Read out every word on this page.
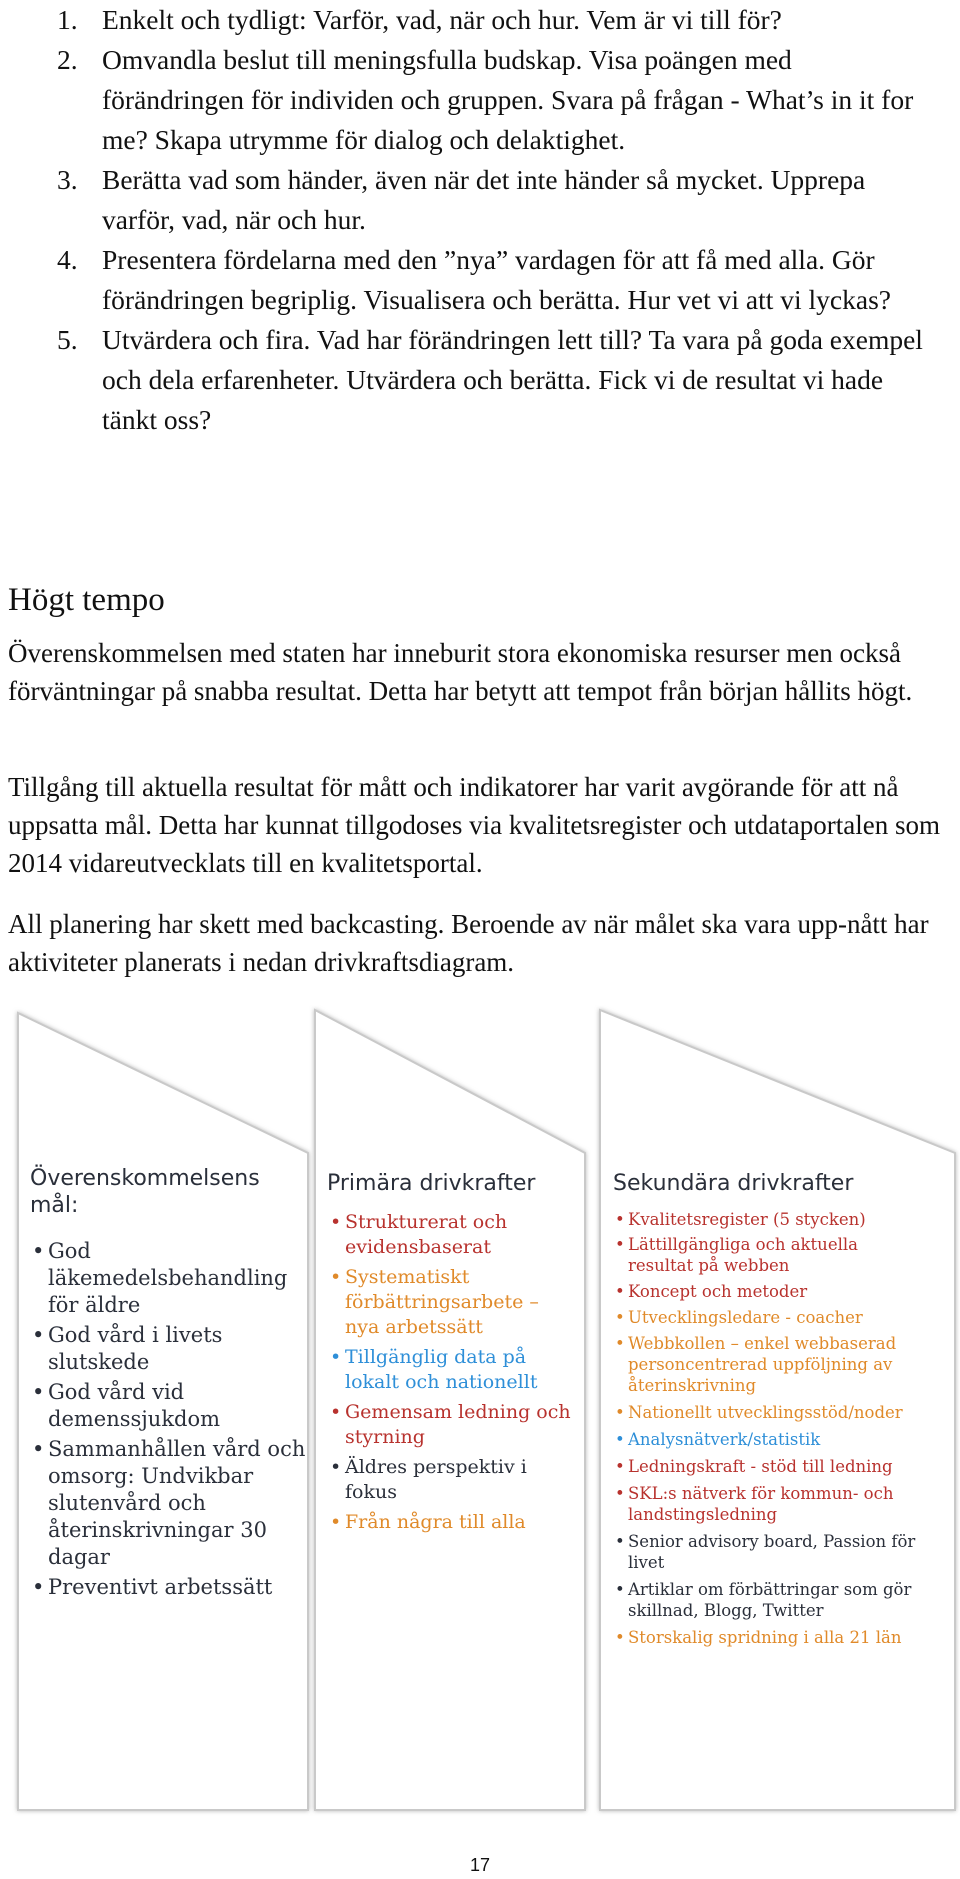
1. Enkelt och tydligt: Varför, vad, när och hur. Vem är vi till för?
2. Omvandla beslut till meningsfulla budskap. Visa poängen med förändringen för individen och gruppen. Svara på frågan - What’s in it for me? Skapa utrymme för dialog och delaktighet.
3. Berätta vad som händer, även när det inte händer så mycket. Upprepa varför, vad, när och hur.
4. Presentera fördelarna med den ”nya” vardagen för att få med alla. Gör förändringen begriplig. Visualisera och berätta. Hur vet vi att vi lyckas?
5. Utvärdera och fira. Vad har förändringen lett till? Ta vara på goda exempel och dela erfarenheter. Utvärdera och berätta. Fick vi de resultat vi hade tänkt oss?
Högt tempo

Överenskommelsen med staten har inneburit stora ekonomiska resurser men också förväntningar på snabba resultat. Detta har betytt att tempot från början hållits högt.

Tillgång till aktuella resultat för mått och indikatorer har varit avgörande för att nå uppsatta mål. Detta har kunnat tillgodoses via kvalitetsregister och utdataportalen som 2014 vidareutvecklats till en kvalitetsportal.

All planering har skett med backcasting. Beroende av när målet ska vara upp-nått har aktiviteter planerats i nedan drivkraftsdiagram.

Överenskommelsens mål:
Primära drivkrafter	Sekundära drivkrafter
• God läkemedelsbehandling för äldre
• God vård i livets slutskede
• God vård vid demenssjukdom
• Sammanhållen vård och omsorg: Undvikbar slutenvård och återinskrivningar 30 dagar
• Preventivt arbetssätt
• Strukturerat och evidensbaserat
• Systematiskt förbättringsarbete – nya arbetssätt
• Tillgänglig data på lokalt och nationellt
• Gemensam ledning och styrning
• Äldres perspektiv i fokus
• Från några till alla
• Kvalitetsregister (5 stycken)
• Lättillgängliga och aktuella resultat på webben
• Koncept och metoder
• Utvecklingsledare - coacher
• Webbkollen – enkel webbaserad personcentrerad uppföljning av återinskrivning
• Nationellt utvecklingsstöd/noder
• Analysnätverk/statistik
• Ledningskraft - stöd till ledning
• SKL:s nätverk för kommun- och landstingsledning
• Senior advisory board, Passion för livet
• Artiklar om förbättringar som gör skillnad, Blogg, Twitter
• Storskalig spridning i alla 21 län
17
